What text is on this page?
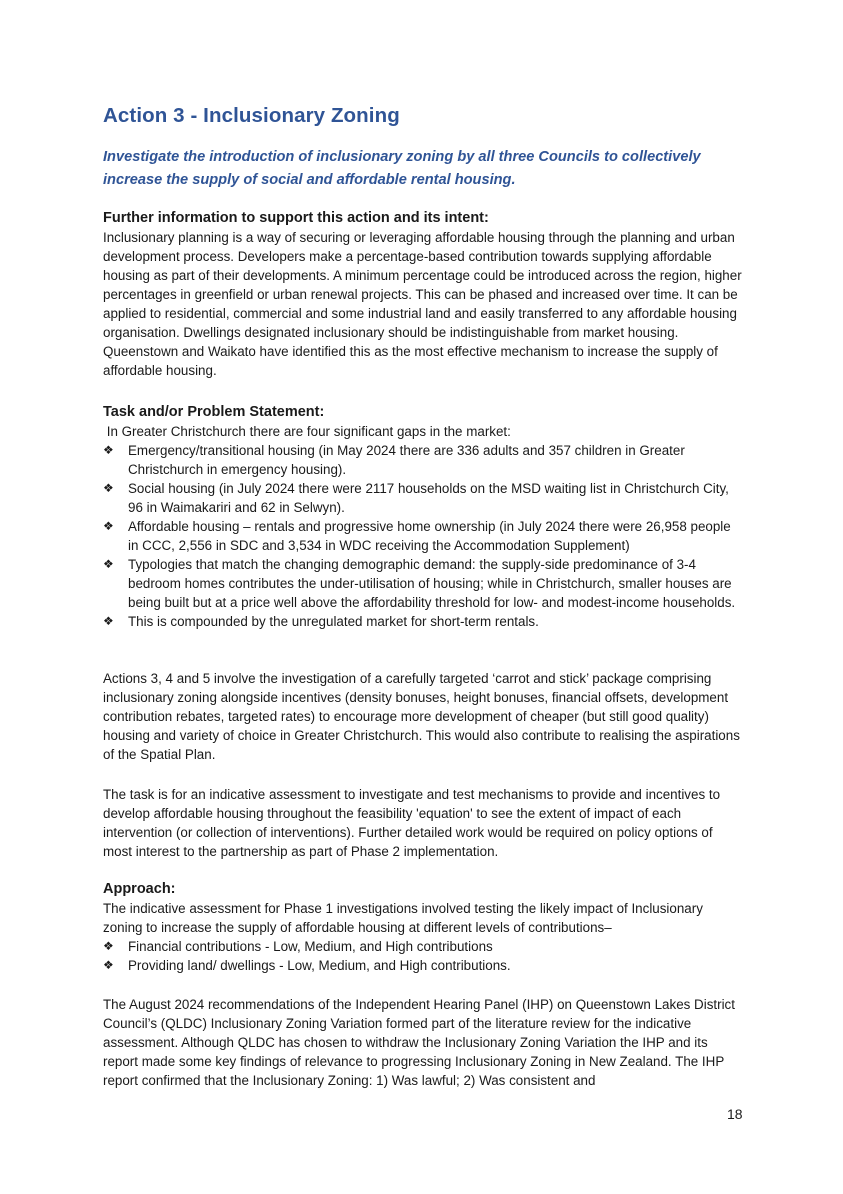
Action 3 - Inclusionary Zoning

Investigate the introduction of inclusionary zoning by all three Councils to collectively increase the supply of social and affordable rental housing.

Further information to support this action and its intent:

Inclusionary planning is a way of securing or leveraging affordable housing through the planning and urban development process. Developers make a percentage-based contribution towards supplying affordable housing as part of their developments. A minimum percentage could be introduced across the region, higher percentages in greenfield or urban renewal projects. This can be phased and increased over time. It can be applied to residential, commercial and some industrial land and easily transferred to any affordable housing organisation. Dwellings designated inclusionary should be indistinguishable from market housing. Queenstown and Waikato have identified this as the most effective mechanism to increase the supply of affordable housing.

Task and/or Problem Statement:

In Greater Christchurch there are four significant gaps in the market:

❖ Emergency/transitional housing (in May 2024 there are 336 adults and 357 children in Greater Christchurch in emergency housing).
❖ Social housing (in July 2024 there were 2117 households on the MSD waiting list in Christchurch City, 96 in Waimakariri and 62 in Selwyn).
❖ Affordable housing – rentals and progressive home ownership (in July 2024 there were 26,958 people in CCC, 2,556 in SDC and 3,534 in WDC receiving the Accommodation Supplement)
❖ Typologies that match the changing demographic demand: the supply-side predominance of 3-4 bedroom homes contributes the under-utilisation of housing; while in Christchurch, smaller houses are being built but at a price well above the affordability threshold for low- and modest-income households.
❖ This is compounded by the unregulated market for short-term rentals.

Actions 3, 4 and 5 involve the investigation of a carefully targeted ‘carrot and stick’ package comprising inclusionary zoning alongside incentives (density bonuses, height bonuses, financial offsets, development contribution rebates, targeted rates) to encourage more development of cheaper (but still good quality) housing and variety of choice in Greater Christchurch. This would also contribute to realising the aspirations of the Spatial Plan.

The task is for an indicative assessment to investigate and test mechanisms to provide and incentives to develop affordable housing throughout the feasibility 'equation' to see the extent of impact of each intervention (or collection of interventions). Further detailed work would be required on policy options of most interest to the partnership as part of Phase 2 implementation.

Approach:

The indicative assessment for Phase 1 investigations involved testing the likely impact of Inclusionary zoning to increase the supply of affordable housing at different levels of contributions–

❖ Financial contributions - Low, Medium, and High contributions
❖ Providing land/ dwellings - Low, Medium, and High contributions.

The August 2024 recommendations of the Independent Hearing Panel (IHP) on Queenstown Lakes District Council’s (QLDC) Inclusionary Zoning Variation formed part of the literature review for the indicative assessment. Although QLDC has chosen to withdraw the Inclusionary Zoning Variation the IHP and its report made some key findings of relevance to progressing Inclusionary Zoning in New Zealand. The IHP report confirmed that the Inclusionary Zoning: 1) Was lawful; 2) Was consistent and

18
